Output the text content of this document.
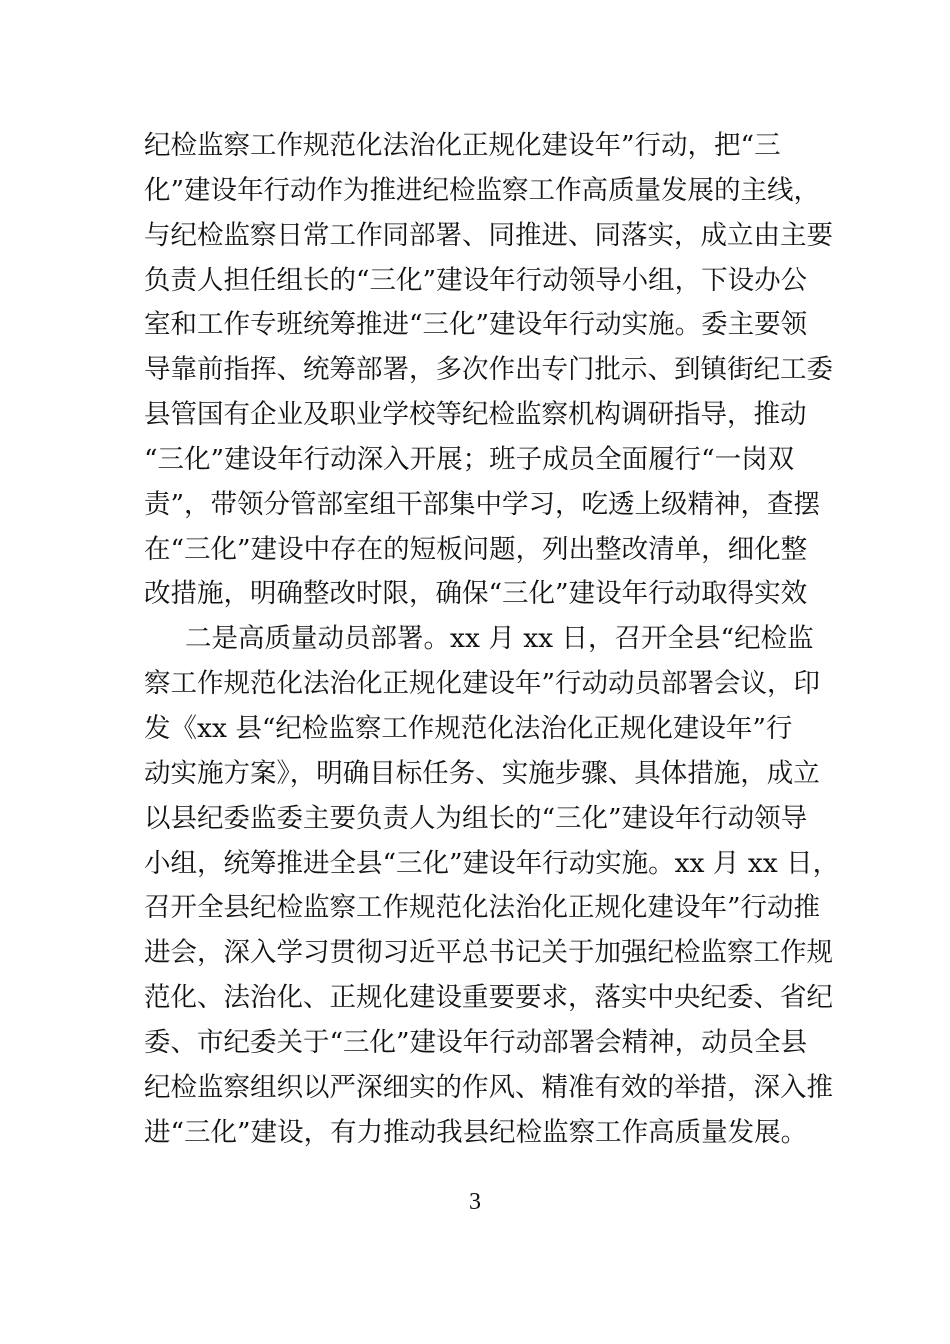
纪检监察工作规范化法治化正规化建设年”行动，把“三
化”建设年行动作为推进纪检监察工作高质量发展的主线，
与纪检监察日常工作同部署、同推进、同落实，成立由主要
负责人担任组长的“三化”建设年行动领导小组，下设办公
室和工作专班统筹推进“三化”建设年行动实施。委主要领
导靠前指挥、统筹部署，多次作出专门批示、到镇街纪工委
县管国有企业及职业学校等纪检监察机构调研指导，推动
“三化”建设年行动深入开展；班子成员全面履行“一岗双
责”，带领分管部室组干部集中学习，吃透上级精神，查摆
在“三化”建设中存在的短板问题，列出整改清单，细化整
改措施，明确整改时限，确保“三化”建设年行动取得实效
二是高质量动员部署。xx 月 xx 日，召开全县“纪检监
察工作规范化法治化正规化建设年”行动动员部署会议，印
发《xx 县“纪检监察工作规范化法治化正规化建设年”行
动实施方案》，明确目标任务、实施步骤、具体措施，成立
以县纪委监委主要负责人为组长的“三化”建设年行动领导
小组，统筹推进全县“三化”建设年行动实施。xx 月 xx 日，
召开全县纪检监察工作规范化法治化正规化建设年”行动推
进会，深入学习贯彻习近平总书记关于加强纪检监察工作规
范化、法治化、正规化建设重要要求，落实中央纪委、省纪
委、市纪委关于“三化”建设年行动部署会精神，动员全县
纪检监察组织以严深细实的作风、精准有效的举措，深入推
进“三化”建设，有力推动我县纪检监察工作高质量发展。
3
